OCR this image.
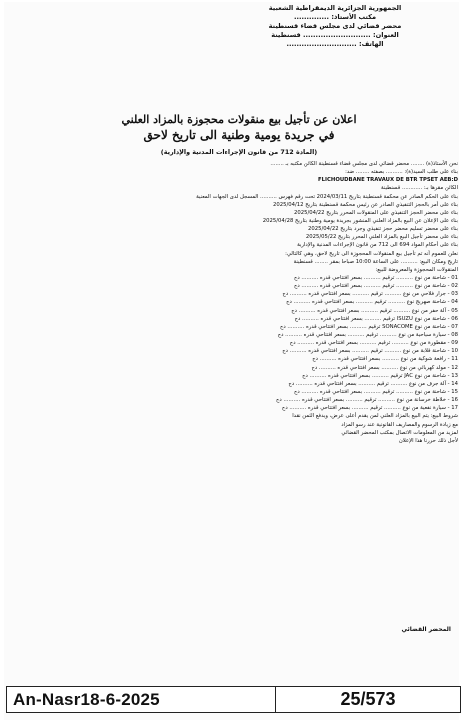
الجمهورية الجزائرية الديمقراطية الشعبية
مكتب الأستاذ: ..............
محضر قضائي لدى مجلس قضاء قسنطينة
العنوان: ........................... قسنطينة
الهاتف: ............................
اعلان عن تأجيل بيع منقولات محجوزة بالمزاد العلني
في جريدة يومية وطنية الى تاريخ لاحق
(المادة 712 من قانون الإجراءات المدنية والإدارية)
نحن الأستاذ(ة) ........ محضر قضائي لدى مجلس قضاء قسنطينة الكائن مكتبه بـ ........
بناء على طلب السيد(ة): .......... بصفته ........ ضد:
FLICHOUDBANE TRAVAUX DE BTR TPSET AEB:D
الكائن مقرها بـ: ............ قسنطينة
بناء على الحكم الصادر عن محكمة قسنطينة بتاريخ 2024/03/11 تحت رقم فهرس .......... المسجل لدى الجهات المعنية
بناء على أمر بالحجز التنفيذي الصادر عن رئيس محكمة قسنطينة بتاريخ 2025/04/12
بناء على محضر الحجز التنفيذي على المنقولات المحرر بتاريخ 2025/04/22
بناء على الإعلان عن البيع بالمزاد العلني المنشور بجريدة يومية وطنية بتاريخ 2025/04/28
بناء على محضر تسليم محضر حجز تنفيذي وجرد بتاريخ 2025/04/22
بناء على محضر تأجيل البيع بالمزاد العلني المحرر بتاريخ 2025/05/22
بناء على أحكام المواد 694 الى 712 من قانون الإجراءات المدنية والإدارية
نعلن للعموم أنه تم تأجيل بيع المنقولات المحجوزة الى تاريخ لاحق، وهي كالتالي:
تاريخ ومكان البيع: .......... على الساعة 10:00 صباحا بمقر ........ قسنطينة
المنقولات المحجوزة والمعروضة للبيع:
01 - شاحنة من نوع .......... ترقيم .......... بسعر افتتاحي قدره .......... دج
02 - شاحنة من نوع .......... ترقيم .......... بسعر افتتاحي قدره .......... دج
03 - جرار فلاحي من نوع .......... ترقيم .......... بسعر افتتاحي قدره .......... دج
04 - شاحنة صهريج نوع .......... ترقيم .......... بسعر افتتاحي قدره .......... دج
05 - آلة حفر من نوع .......... ترقيم .......... بسعر افتتاحي قدره .......... دج
06 - شاحنة من نوع ISUZU ترقيم .......... بسعر افتتاحي قدره .......... دج
07 - شاحنة من نوع SONACOME ترقيم .......... بسعر افتتاحي قدره .......... دج
08 - سيارة سياحية من نوع .......... ترقيم .......... بسعر افتتاحي قدره .......... دج
09 - مقطورة من نوع .......... ترقيم .......... بسعر افتتاحي قدره .......... دج
10 - شاحنة قلابة من نوع .......... ترقيم .......... بسعر افتتاحي قدره .......... دج
11 - رافعة شوكية من نوع .......... بسعر افتتاحي قدره .......... دج
12 - مولد كهربائي من نوع .......... بسعر افتتاحي قدره .......... دج
13 - شاحنة من نوع JAC ترقيم .......... بسعر افتتاحي قدره .......... دج
14 - آلة جرف من نوع .......... ترقيم .......... بسعر افتتاحي قدره .......... دج
15 - شاحنة من نوع .......... ترقيم .......... بسعر افتتاحي قدره .......... دج
16 - خلاطة خرسانة من نوع .......... ترقيم .......... بسعر افتتاحي قدره .......... دج
17 - سيارة نفعية من نوع .......... ترقيم .......... بسعر افتتاحي قدره .......... دج
شروط البيع: يتم البيع بالمزاد العلني لمن يقدم أعلى عرض، ويدفع الثمن نقدا
مع زيادة الرسوم والمصاريف القانونية عند رسو المزاد
لمزيد من المعلومات الاتصال بمكتب المحضر القضائي
لأجل ذلك حررنا هذا الإعلان
المحضر القضائي
An-Nasr18-6-2025	25/573
